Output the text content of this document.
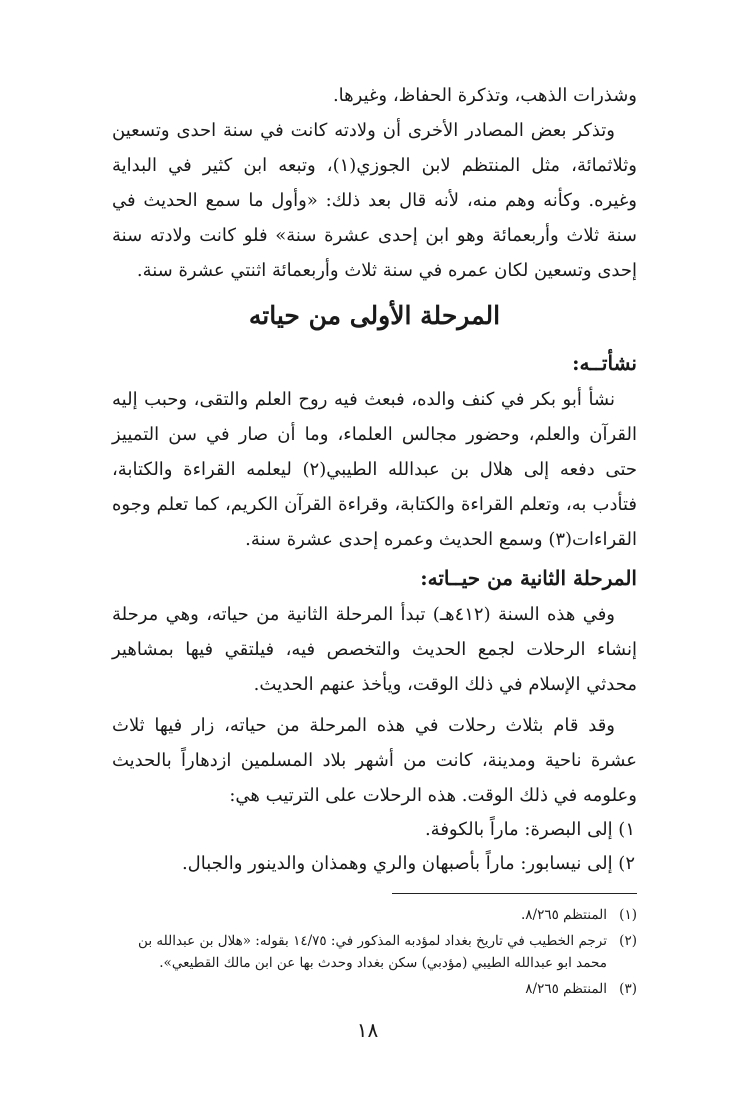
وشذرات الذهب، وتذكرة الحفاظ، وغيرها.

وتذكر بعض المصادر الأخرى أن ولادته كانت في سنة احدى وتسعين وثلاثمائة، مثل المنتظم لابن الجوزي(١)، وتبعه ابن كثير في البداية وغيره. وكأنه وهم منه، لأنه قال بعد ذلك: «وأول ما سمع الحديث في سنة ثلاث وأربعمائة وهو ابن إحدى عشرة سنة» فلو كانت ولادته سنة إحدى وتسعين لكان عمره في سنة ثلاث وأربعمائة اثنتي عشرة سنة.

المرحلة الأولى من حياته
نشأتــه:

نشأ أبو بكر في كنف والده، فبعث فيه روح العلم والتقى، وحبب إليه القرآن والعلم، وحضور مجالس العلماء، وما أن صار في سن التمييز حتى دفعه إلى هلال بن عبدالله الطيبي(٢) ليعلمه القراءة والكتابة، فتأدب به، وتعلم القراءة والكتابة، وقراءة القرآن الكريم، كما تعلم وجوه القراءات(٣) وسمع الحديث وعمره إحدى عشرة سنة.

المرحلة الثانية من حيــاته:

وفي هذه السنة (٤١٢هـ) تبدأ المرحلة الثانية من حياته، وهي مرحلة إنشاء الرحلات لجمع الحديث والتخصص فيه، فيلتقي فيها بمشاهير محدثي الإسلام في ذلك الوقت، ويأخذ عنهم الحديث.

وقد قام بثلاث رحلات في هذه المرحلة من حياته، زار فيها ثلاث عشرة ناحية ومدينة، كانت من أشهر بلاد المسلمين ازدهاراً بالحديث وعلومه في ذلك الوقت. هذه الرحلات على الترتيب هي:

١) إلى البصرة: ماراً بالكوفة.
٢) إلى نيسابور: ماراً بأصبهان والري وهمذان والدينور والجبال.
(١)
المنتظم ٨/٢٦٥.
(٢)
ترجم الخطيب في تاريخ بغداد لمؤدبه المذكور في: ١٤/٧٥ بقوله: «هلال بن عبدالله بن محمد ابو عبدالله الطيبي (مؤدبي) سكن بغداد وحدث بها عن ابن مالك القطيعي».
(٣)
المنتظم ٨/٢٦٥
١٨
